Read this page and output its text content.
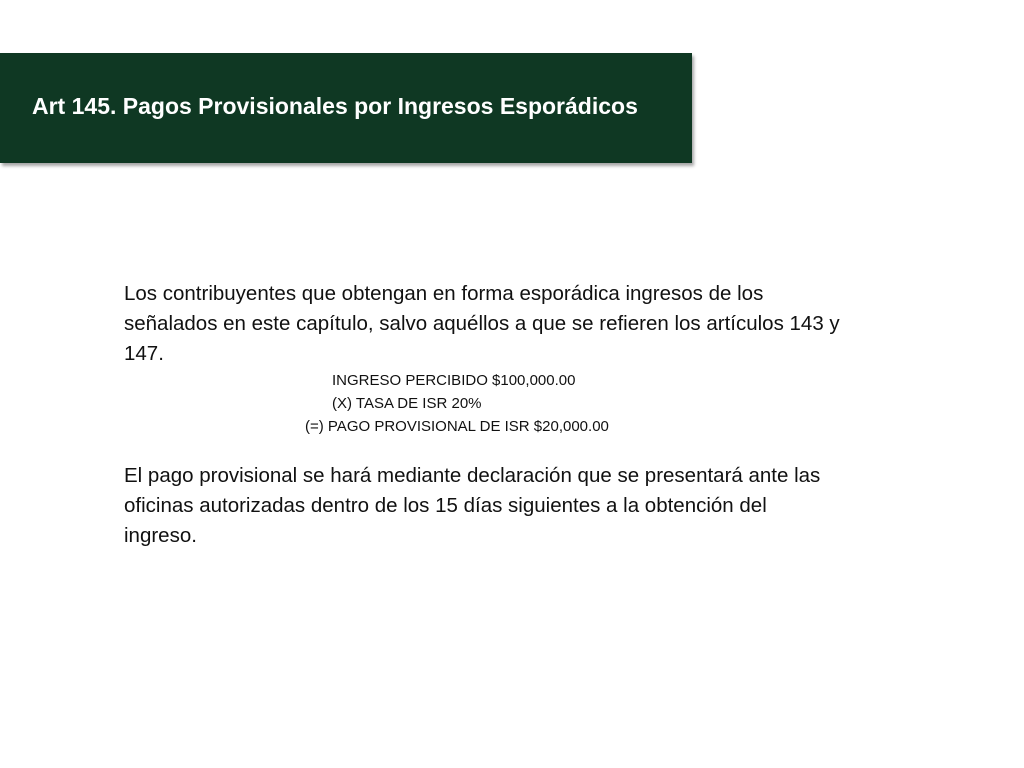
Art 145. Pagos Provisionales por Ingresos Esporádicos

Los contribuyentes que obtengan en forma esporádica ingresos de los señalados en este capítulo, salvo aquéllos a que se refieren los artículos 143 y 147.

INGRESO PERCIBIDO $100,000.00
(X) TASA DE ISR 20%
(=) PAGO PROVISIONAL DE ISR $20,000.00

El pago provisional se hará mediante declaración que se presentará ante las oficinas autorizadas dentro de los 15 días siguientes a la obtención del ingreso.
